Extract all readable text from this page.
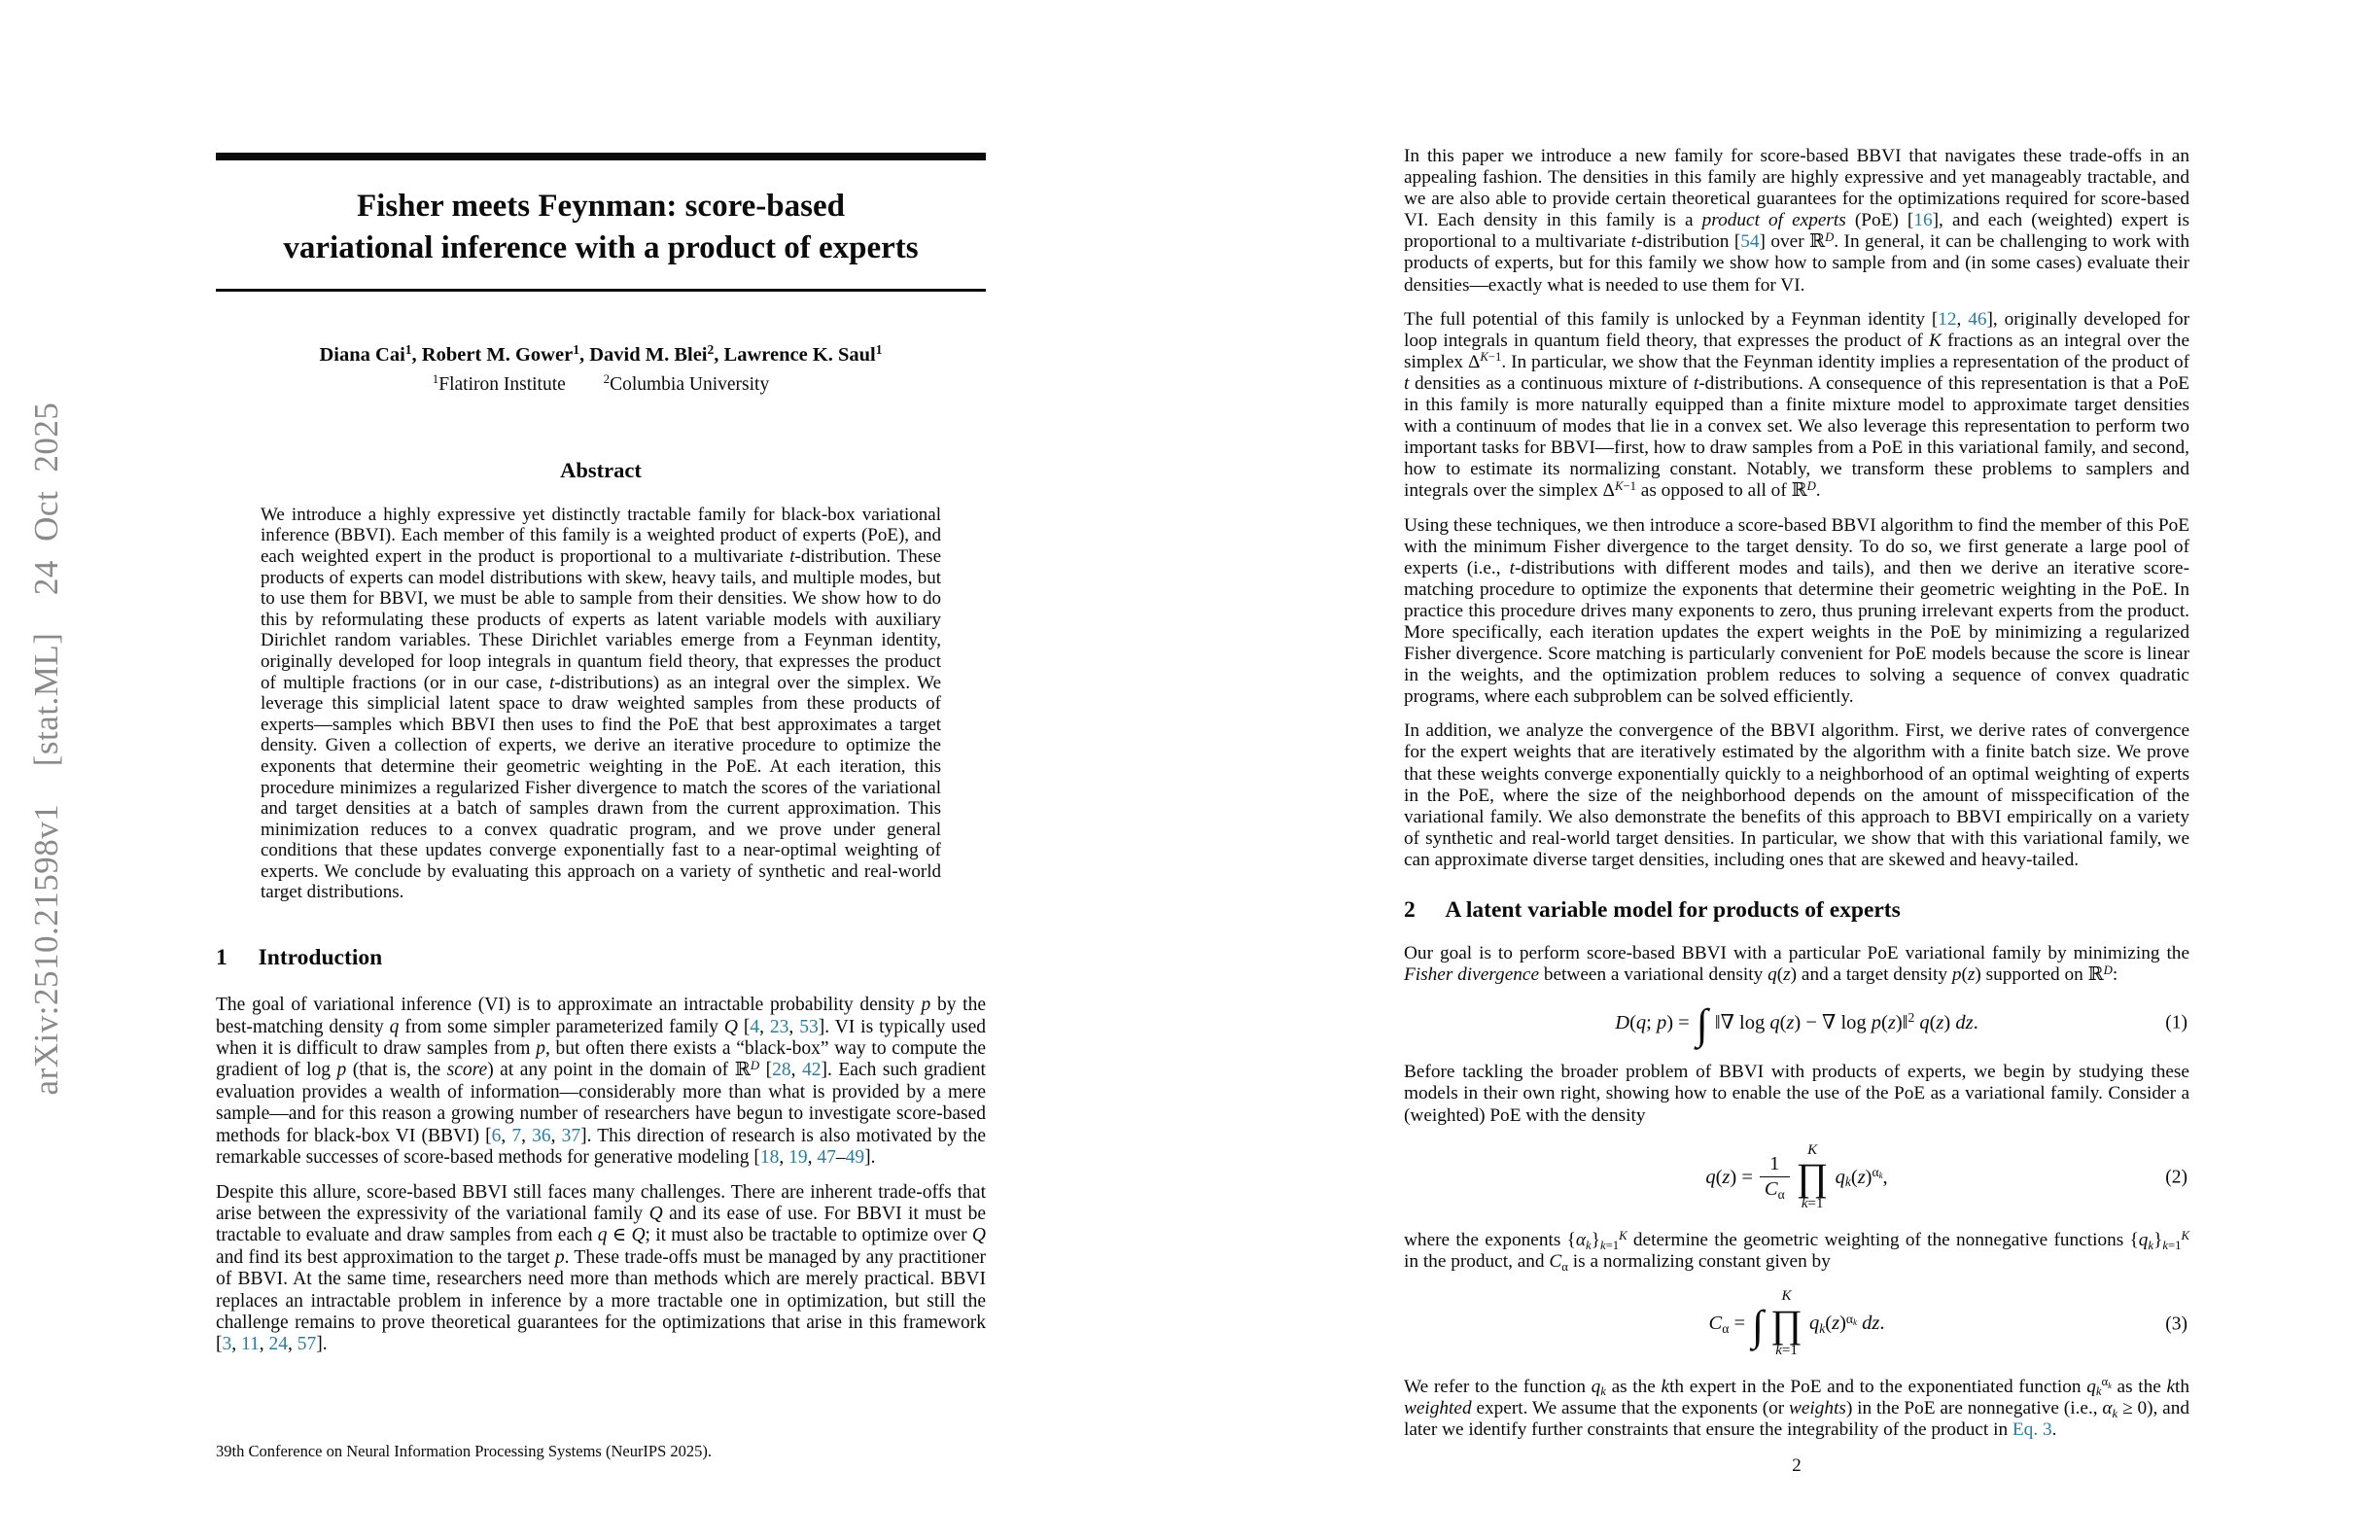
arXiv:2510.21598v1  [stat.ML]  24 Oct 2025
Fisher meets Feynman: score-based
variational inference with a product of experts

Diana Cai$^1$, Robert M. Gower$^1$, David M. Blei$^2$, Lawrence K. Saul$^1$

$^1$Flatiron Institute	$^2$Columbia University

Abstract

We introduce a highly expressive yet distinctly tractable family for black-box variational inference (BBVI). Each member of this family is a weighted product of experts (PoE), and each weighted expert in the product is proportional to a multivariate t-distribution. These products of experts can model distributions with skew, heavy tails, and multiple modes, but to use them for BBVI, we must be able to sample from their densities. We show how to do this by reformulating these products of experts as latent variable models with auxiliary Dirichlet random variables. These Dirichlet variables emerge from a Feynman identity, originally developed for loop integrals in quantum field theory, that expresses the product of multiple fractions (or in our case, t-distributions) as an integral over the simplex. We leverage this simplicial latent space to draw weighted samples from these products of experts—samples which BBVI then uses to find the PoE that best approximates a target density. Given a collection of experts, we derive an iterative procedure to optimize the exponents that determine their geometric weighting in the PoE. At each iteration, this procedure minimizes a regularized Fisher divergence to match the scores of the variational and target densities at a batch of samples drawn from the current approximation. This minimization reduces to a convex quadratic program, and we prove under general conditions that these updates converge exponentially fast to a near-optimal weighting of experts. We conclude by evaluating this approach on a variety of synthetic and real-world target distributions.

1 Introduction

The goal of variational inference (VI) is to approximate an intractable probability density p by the best-matching density q from some simpler parameterized family Q [4, 23, 53]. VI is typically used when it is difficult to draw samples from p, but often there exists a “black-box” way to compute the gradient of log p (that is, the score) at any point in the domain of ℝ$^D$ [28, 42]. Each such gradient evaluation provides a wealth of information—considerably more than what is provided by a mere sample—and for this reason a growing number of researchers have begun to investigate score-based methods for black-box VI (BBVI) [6, 7, 36, 37]. This direction of research is also motivated by the remarkable successes of score-based methods for generative modeling [18, 19, 47–49].

Despite this allure, score-based BBVI still faces many challenges. There are inherent trade-offs that arise between the expressivity of the variational family Q and its ease of use. For BBVI it must be tractable to evaluate and draw samples from each q ∈ Q; it must also be tractable to optimize over Q and find its best approximation to the target p. These trade-offs must be managed by any practitioner of BBVI. At the same time, researchers need more than methods which are merely practical. BBVI replaces an intractable problem in inference by a more tractable one in optimization, but still the challenge remains to prove theoretical guarantees for the optimizations that arise in this framework [3, 11, 24, 57].

39th Conference on Neural Information Processing Systems (NeurIPS 2025).

In this paper we introduce a new family for score-based BBVI that navigates these trade-offs in an appealing fashion. The densities in this family are highly expressive and yet manageably tractable, and we are also able to provide certain theoretical guarantees for the optimizations required for score-based VI. Each density in this family is a product of experts (PoE) [16], and each (weighted) expert is proportional to a multivariate t-distribution [54] over ℝ$^D$. In general, it can be challenging to work with products of experts, but for this family we show how to sample from and (in some cases) evaluate their densities—exactly what is needed to use them for VI.

The full potential of this family is unlocked by a Feynman identity [12, 46], originally developed for loop integrals in quantum field theory, that expresses the product of K fractions as an integral over the simplex $\Delta^{K-1}$. In particular, we show that the Feynman identity implies a representation of the product of t densities as a continuous mixture of t-distributions. A consequence of this representation is that a PoE in this family is more naturally equipped than a finite mixture model to approximate target densities with a continuum of modes that lie in a convex set. We also leverage this representation to perform two important tasks for BBVI—first, how to draw samples from a PoE in this variational family, and second, how to estimate its normalizing constant. Notably, we transform these problems to samplers and integrals over the simplex $\Delta^{K-1}$ as opposed to all of ℝ$^D$.

Using these techniques, we then introduce a score-based BBVI algorithm to find the member of this PoE with the minimum Fisher divergence to the target density. To do so, we first generate a large pool of experts (i.e., t-distributions with different modes and tails), and then we derive an iterative score-matching procedure to optimize the exponents that determine their geometric weighting in the PoE. In practice this procedure drives many exponents to zero, thus pruning irrelevant experts from the product. More specifically, each iteration updates the expert weights in the PoE by minimizing a regularized Fisher divergence. Score matching is particularly convenient for PoE models because the score is linear in the weights, and the optimization problem reduces to solving a sequence of convex quadratic programs, where each subproblem can be solved efficiently.

In addition, we analyze the convergence of the BBVI algorithm. First, we derive rates of convergence for the expert weights that are iteratively estimated by the algorithm with a finite batch size. We prove that these weights converge exponentially quickly to a neighborhood of an optimal weighting of experts in the PoE, where the size of the neighborhood depends on the amount of misspecification of the variational family. We also demonstrate the benefits of this approach to BBVI empirically on a variety of synthetic and real-world target densities. In particular, we show that with this variational family, we can approximate diverse target densities, including ones that are skewed and heavy-tailed.

2 A latent variable model for products of experts

Our goal is to perform score-based BBVI with a particular PoE variational family by minimizing the Fisher divergence between a variational density q(z) and a target density p(z) supported on ℝ$^D$:

D(q; p) = ∫ ‖∇ log q(z) − ∇ log p(z)‖$^2$ q(z) dz.	(1)

Before tackling the broader problem of BBVI with products of experts, we begin by studying these models in their own right, showing how to enable the use of the PoE as a variational family. Consider a (weighted) PoE with the density

$q(z) = \frac{1}{C_\alpha}$
K
∏
k=1
$q_k(z)^{\alpha_k}$,	(2)

where the exponents $\{\alpha_k\}_{k=1}^K$ determine the geometric weighting of the nonnegative functions $\{q_k\}_{k=1}^K$ in the product, and $C_\alpha$ is a normalizing constant given by

$C_\alpha$ = ∫
K
∏
k=1
$q_k(z)^{\alpha_k}$ dz.	(3)

We refer to the function $q_k$ as the kth expert in the PoE and to the exponentiated function $q_k^{\alpha_k}$ as the kth weighted expert. We assume that the exponents (or weights) in the PoE are nonnegative (i.e., $\alpha_k \ge 0$), and later we identify further constraints that ensure the integrability of the product in Eq. 3.

2
